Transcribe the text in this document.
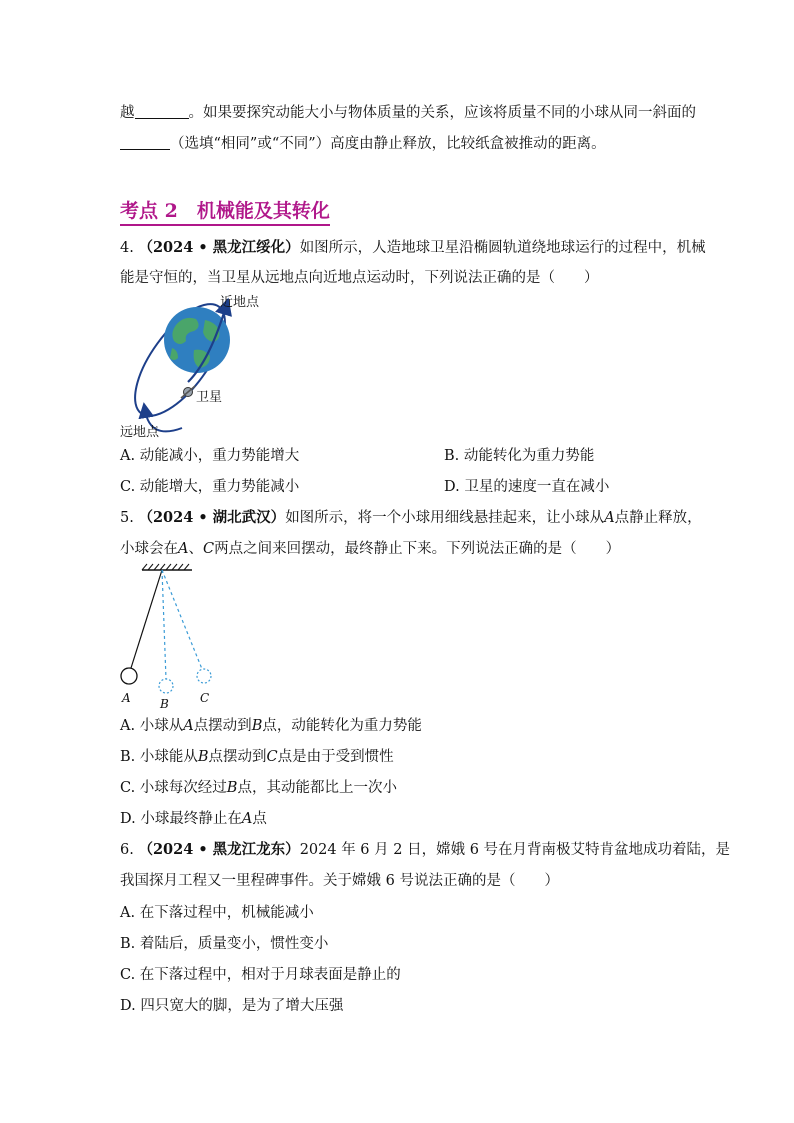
越	。如果要探究动能大小与物体质量的关系，应该将质量不同的小球从同一斜面的
（选填“相同”或“不同”）高度由静止释放，比较纸盒被推动的距离。
考点 2　机械能及其转化
4. （2024 • 黑龙江绥化）如图所示，人造地球卫星沿椭圆轨道绕地球运行的过程中，机械
能是守恒的，当卫星从远地点向近地点运动时，下列说法正确的是（　　）
近地点
卫星
远地点
A. 动能减小，重力势能增大	B. 动能转化为重力势能
C. 动能增大，重力势能减小	D. 卫星的速度一直在减小
5. （2024 • 湖北武汉）如图所示，将一个小球用细线悬挂起来，让小球从A点静止释放，
小球会在A、C两点之间来回摆动，最终静止下来。下列说法正确的是（　　）
A B	C
A. 小球从A点摆动到B点，动能转化为重力势能
B. 小球能从B点摆动到C点是由于受到惯性
C. 小球每次经过B点，其动能都比上一次小
D. 小球最终静止在A点
6. （2024 • 黑龙江龙东）2024 年 6 月 2 日，嫦娥 6 号在月背南极艾特肯盆地成功着陆，是
我国探月工程又一里程碑事件。关于嫦娥 6 号说法正确的是（　　）
A. 在下落过程中，机械能减小
B. 着陆后，质量变小，惯性变小
C. 在下落过程中，相对于月球表面是静止的
D. 四只宽大的脚，是为了增大压强
